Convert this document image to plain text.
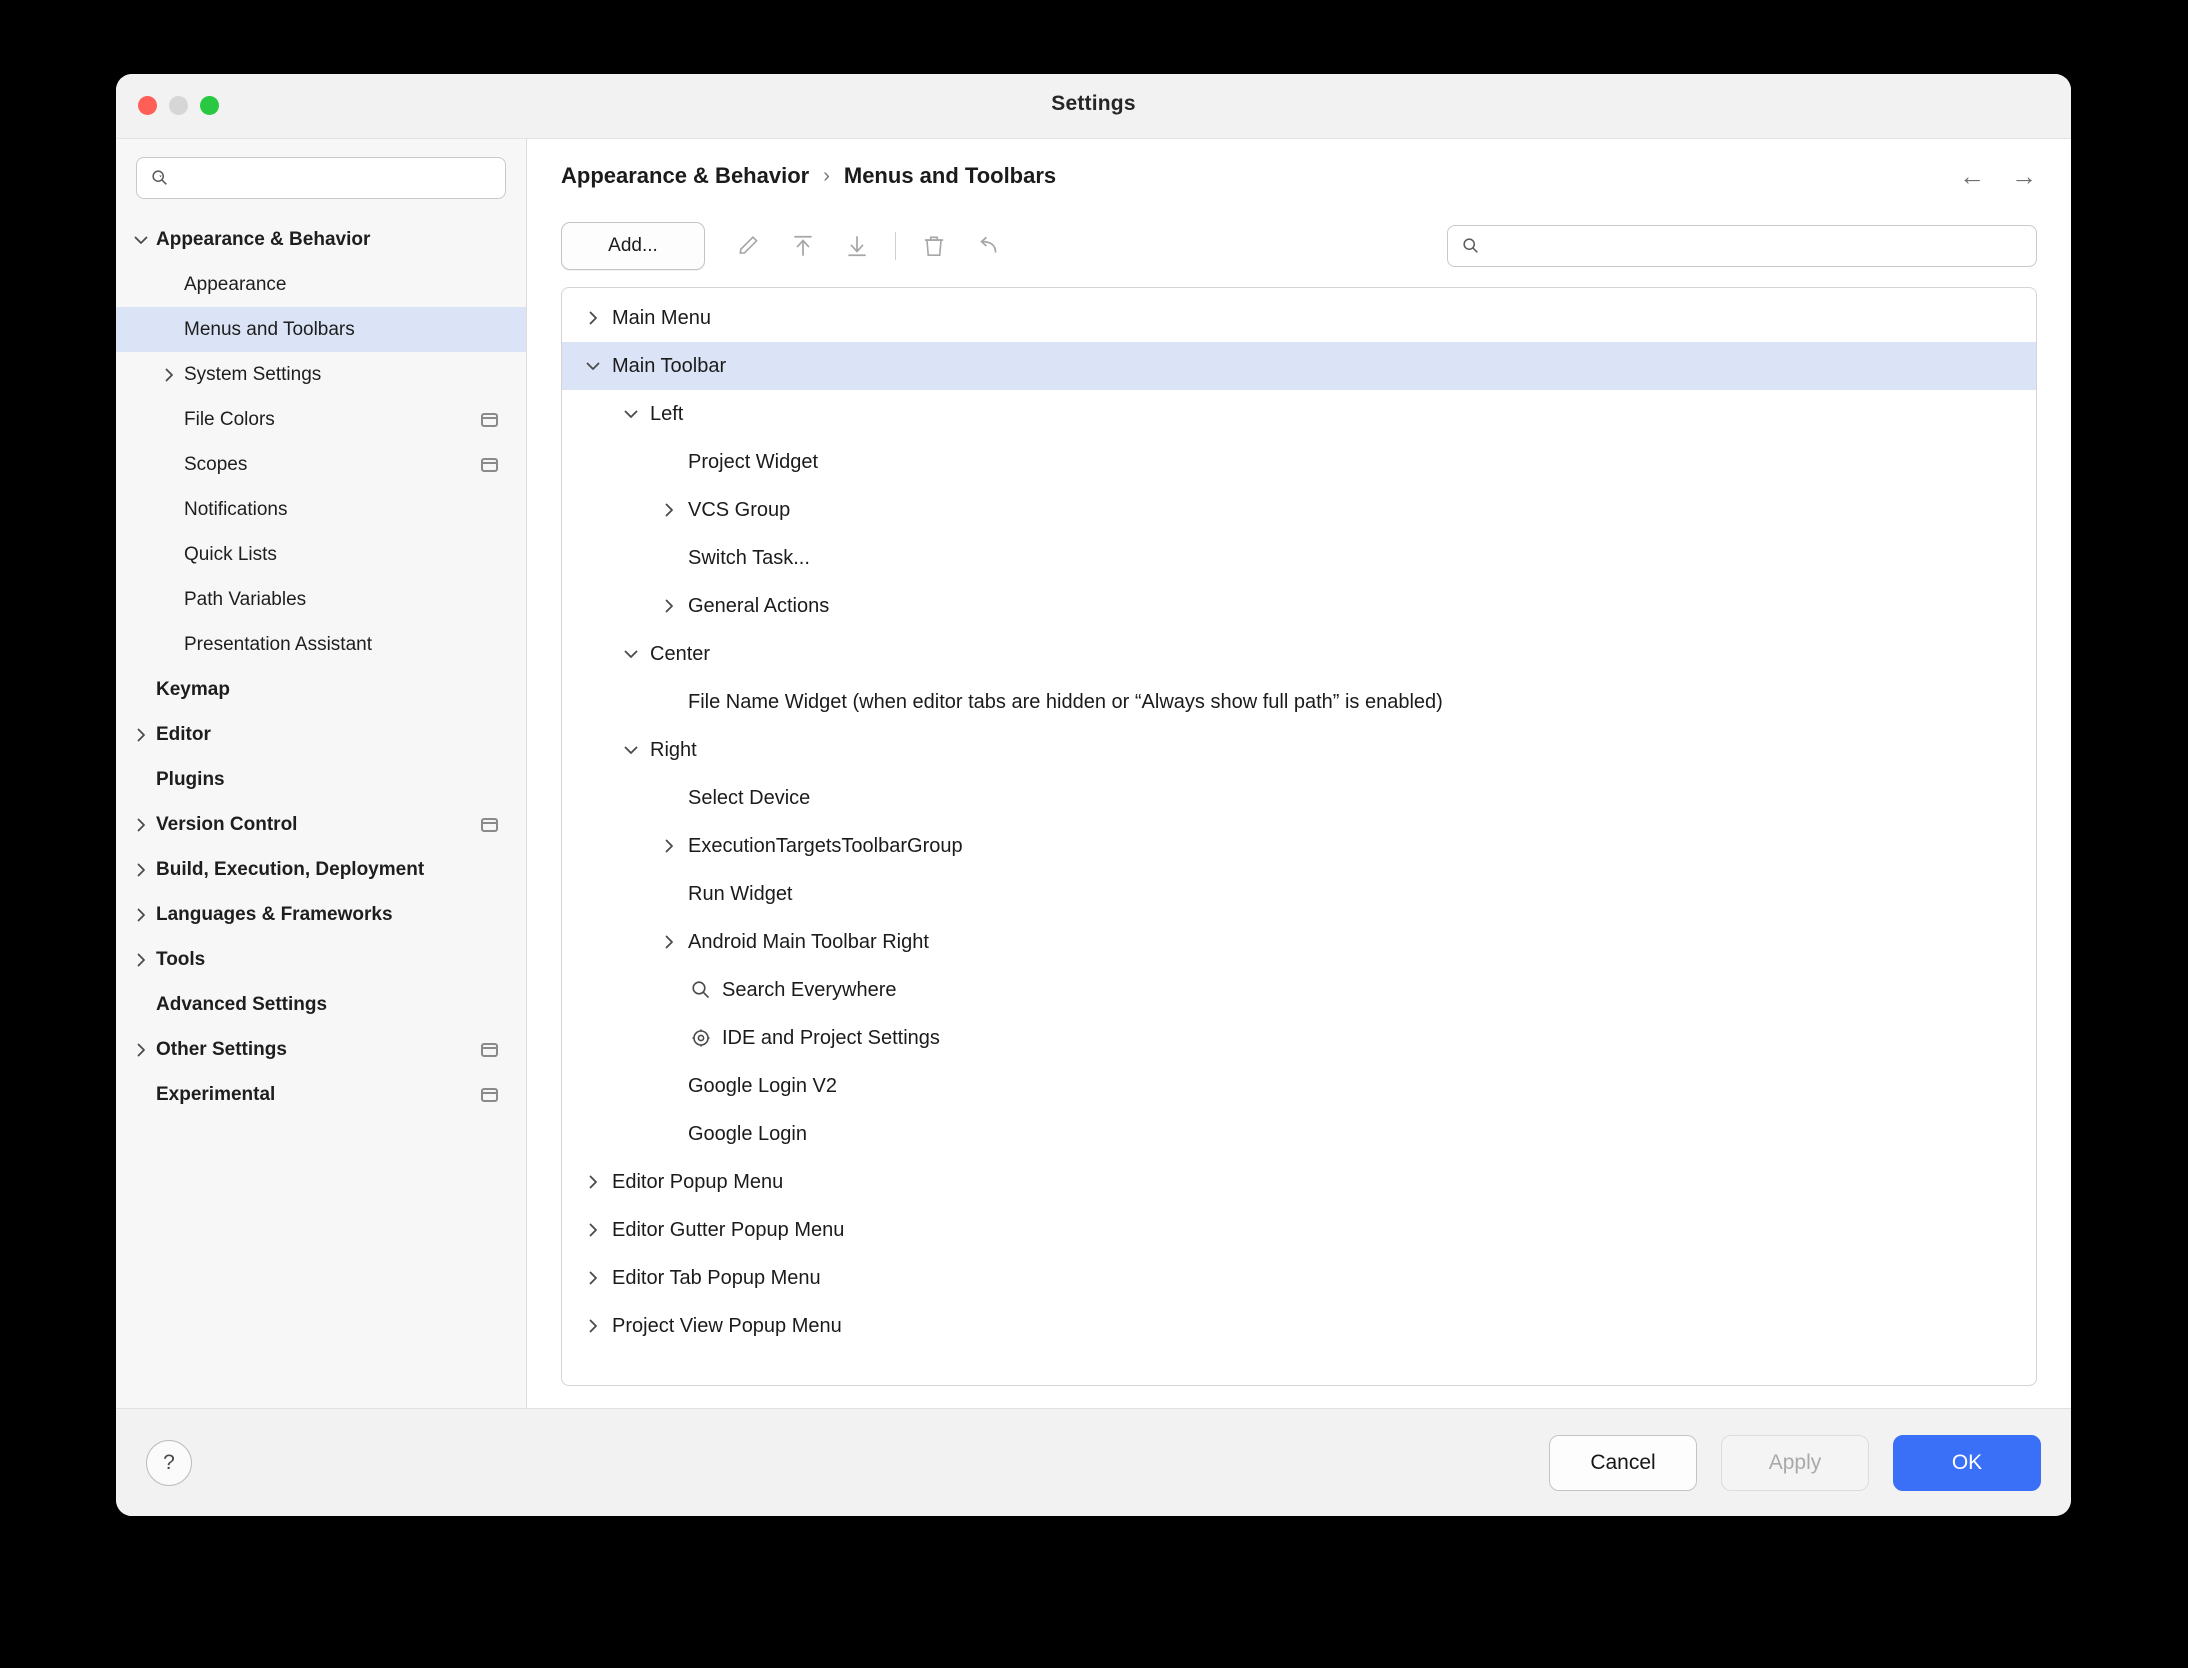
Settings
Appearance & Behavior
Appearance
Menus and Toolbars
System Settings
File Colors
Scopes
Notifications
Quick Lists
Path Variables
Presentation Assistant
Keymap
Editor
Plugins
Version Control
Build, Execution, Deployment
Languages & Frameworks
Tools
Advanced Settings
Other Settings
Experimental
Appearance & Behavior › Menus and Toolbars	← →
Add...
Main Menu
Main Toolbar
Left
Project Widget
VCS Group
Switch Task...
General Actions
Center
File Name Widget (when editor tabs are hidden or “Always show full path” is enabled)
Right
Select Device
ExecutionTargetsToolbarGroup
Run Widget
Android Main Toolbar Right
Search Everywhere
IDE and Project Settings
Google Login V2
Google Login
Editor Popup Menu
Editor Gutter Popup Menu
Editor Tab Popup Menu
Project View Popup Menu
?	Cancel	Apply	OK
